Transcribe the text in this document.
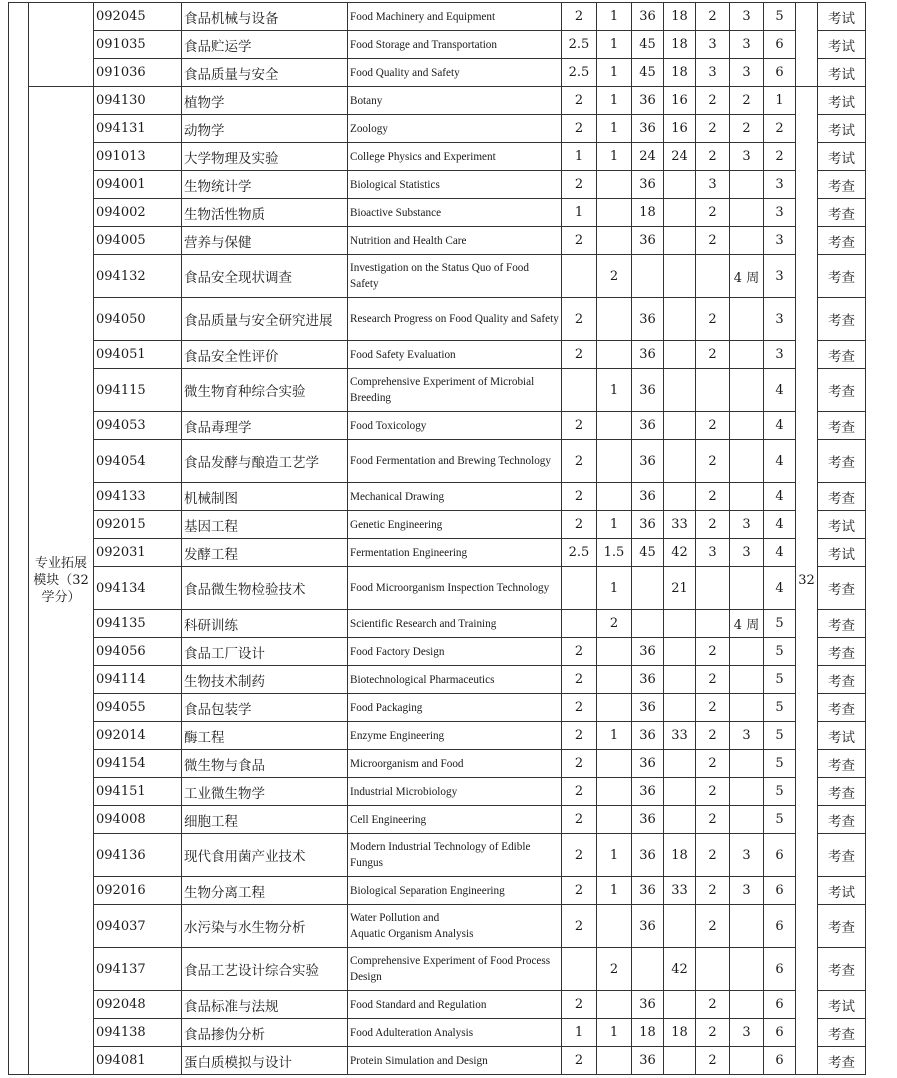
		092045	食品机械与设备	Food Machinery and Equipment	2	1	36	18	2	3	5		考试
		091035	食品贮运学	Food Storage and Transportation	2.5	1	45	18	3	3	6		考试
		091036	食品质量与安全	Food Quality and Safety	2.5	1	45	18	3	3	6		考试
	专业拓展模块（32学分）	094130	植物学	Botany	2	1	36	16	2	2	1	32	考试
		094131	动物学	Zoology	2	1	36	16	2	2	2		考试
		091013	大学物理及实验	College Physics and Experiment	1	1	24	24	2	3	2		考试
		094001	生物统计学	Biological Statistics	2		36		3		3		考查
		094002	生物活性物质	Bioactive Substance	1		18		2		3		考查
		094005	营养与保健	Nutrition and Health Care	2		36		2		3		考查
		094132	食品安全现状调查	Investigation on the Status Quo of Food Safety		2				4 周	3		考查
		094050	食品质量与安全研究进展	Research Progress on Food Quality and Safety	2		36		2		3		考查
		094051	食品安全性评价	Food Safety Evaluation	2		36		2		3		考查
		094115	微生物育种综合实验	Comprehensive Experiment of Microbial Breeding		1	36				4		考查
		094053	食品毒理学	Food Toxicology	2		36		2		4		考查
		094054	食品发酵与酿造工艺学	Food Fermentation and Brewing Technology	2		36		2		4		考查
		094133	机械制图	Mechanical Drawing	2		36		2		4		考查
		092015	基因工程	Genetic Engineering	2	1	36	33	2	3	4		考试
		092031	发酵工程	Fermentation Engineering	2.5	1.5	45	42	3	3	4		考试
		094134	食品微生物检验技术	Food Microorganism Inspection Technology		1		21			4		考查
		094135	科研训练	Scientific Research and Training		2				4 周	5		考查
		094056	食品工厂设计	Food Factory Design	2		36		2		5		考查
		094114	生物技术制药	Biotechnological Pharmaceutics	2		36		2		5		考查
		094055	食品包装学	Food Packaging	2		36		2		5		考查
		092014	酶工程	Enzyme Engineering	2	1	36	33	2	3	5		考试
		094154	微生物与食品	Microorganism and Food	2		36		2		5		考查
		094151	工业微生物学	Industrial Microbiology	2		36		2		5		考查
		094008	细胞工程	Cell Engineering	2		36		2		5		考查
		094136	现代食用菌产业技术	Modern Industrial Technology of Edible Fungus	2	1	36	18	2	3	6		考查
		092016	生物分离工程	Biological Separation Engineering	2	1	36	33	2	3	6		考试
		094037	水污染与水生物分析	Water Pollution and
Aquatic Organism Analysis	2		36		2		6		考查
		094137	食品工艺设计综合实验	Comprehensive Experiment of Food Process Design		2		42			6		考查
		092048	食品标准与法规	Food Standard and Regulation	2		36		2		6		考试
		094138	食品掺伪分析	Food Adulteration Analysis	1	1	18	18	2	3	6		考查
		094081	蛋白质模拟与设计	Protein Simulation and Design	2		36		2		6		考查
